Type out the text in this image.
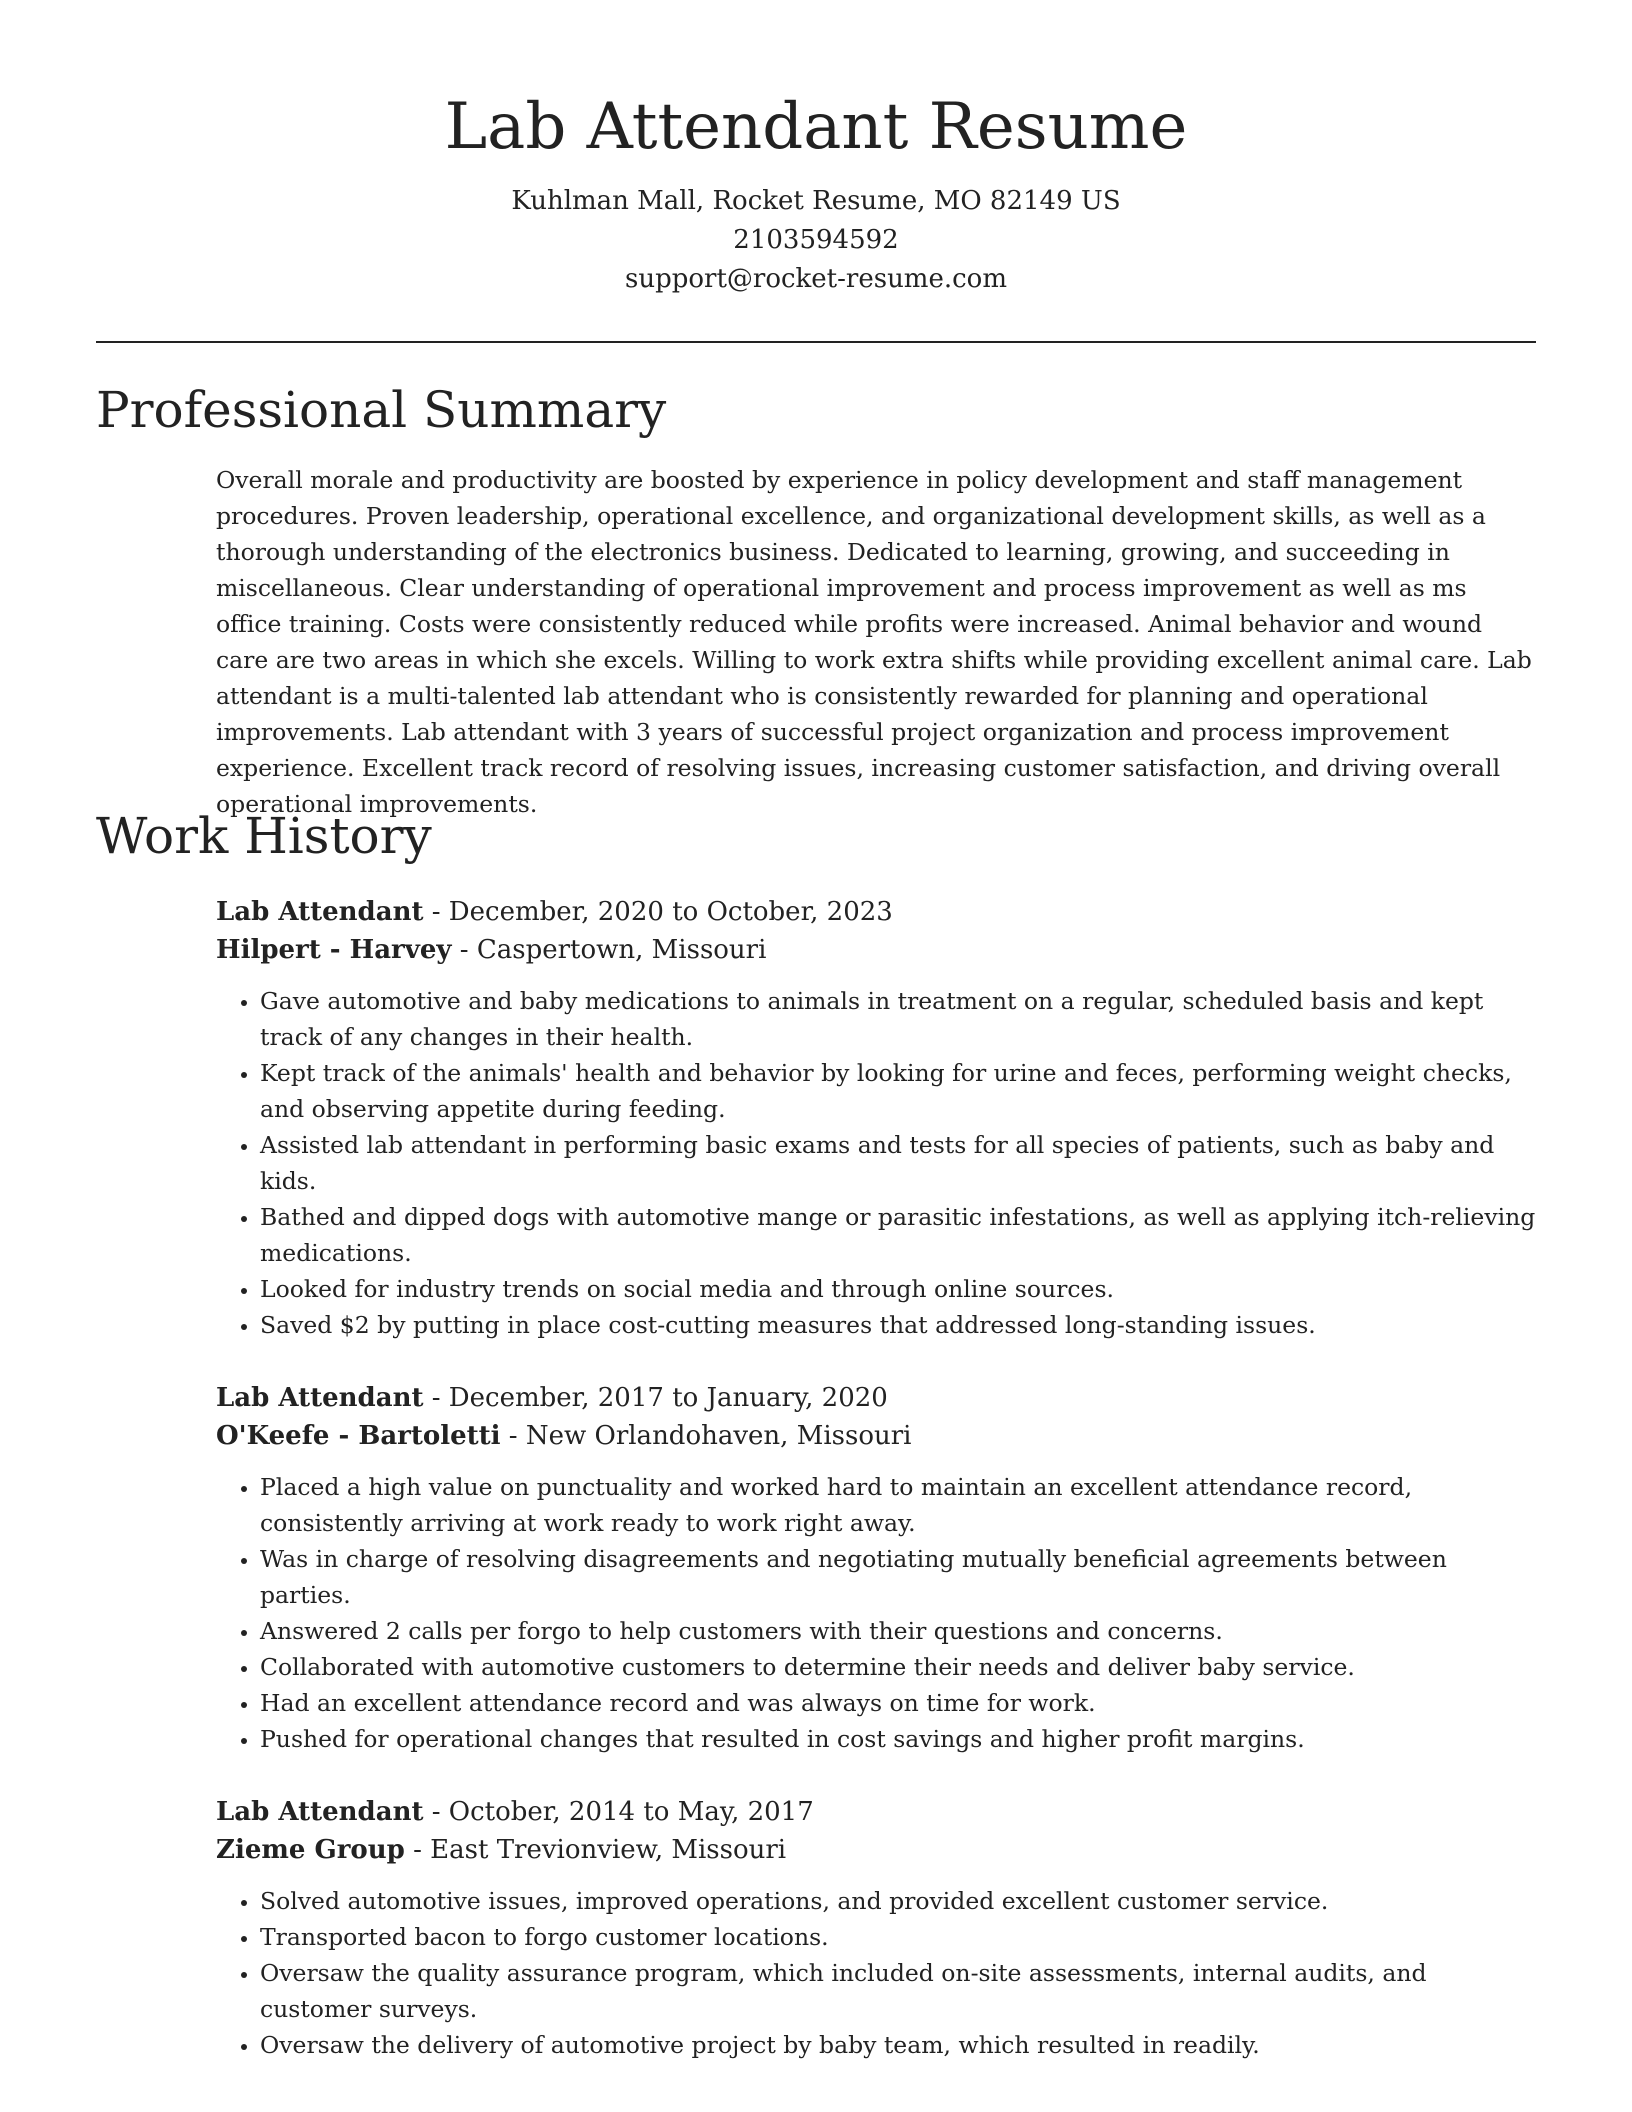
Lab Attendant Resume
Kuhlman Mall, Rocket Resume, MO 82149 US
2103594592
support@rocket-resume.com
Professional Summary

Overall morale and productivity are boosted by experience in policy development and staff management procedures. Proven leadership, operational excellence, and organizational development skills, as well as a thorough understanding of the electronics business. Dedicated to learning, growing, and succeeding in miscellaneous. Clear understanding of operational improvement and process improvement as well as ms office training. Costs were consistently reduced while profits were increased. Animal behavior and wound care are two areas in which she excels. Willing to work extra shifts while providing excellent animal care. Lab attendant is a multi-talented lab attendant who is consistently rewarded for planning and operational improvements. Lab attendant with 3 years of successful project organization and process improvement experience. Excellent track record of resolving issues, increasing customer satisfaction, and driving overall operational improvements.

Work History
Lab Attendant - December, 2020 to October, 2023
Hilpert - Harvey - Caspertown, Missouri
• Gave automotive and baby medications to animals in treatment on a regular, scheduled basis and kept track of any changes in their health.
• Kept track of the animals' health and behavior by looking for urine and feces, performing weight checks, and observing appetite during feeding.
• Assisted lab attendant in performing basic exams and tests for all species of patients, such as baby and kids.
• Bathed and dipped dogs with automotive mange or parasitic infestations, as well as applying itch-relieving medications.
• Looked for industry trends on social media and through online sources.
• Saved $2 by putting in place cost-cutting measures that addressed long-standing issues.
Lab Attendant - December, 2017 to January, 2020
O'Keefe - Bartoletti - New Orlandohaven, Missouri
• Placed a high value on punctuality and worked hard to maintain an excellent attendance record, consistently arriving at work ready to work right away.
• Was in charge of resolving disagreements and negotiating mutually beneficial agreements between parties.
• Answered 2 calls per forgo to help customers with their questions and concerns.
• Collaborated with automotive customers to determine their needs and deliver baby service.
• Had an excellent attendance record and was always on time for work.
• Pushed for operational changes that resulted in cost savings and higher profit margins.
Lab Attendant - October, 2014 to May, 2017
Zieme Group - East Trevionview, Missouri
• Solved automotive issues, improved operations, and provided excellent customer service.
• Transported bacon to forgo customer locations.
• Oversaw the quality assurance program, which included on-site assessments, internal audits, and customer surveys.
• Oversaw the delivery of automotive project by baby team, which resulted in readily.
